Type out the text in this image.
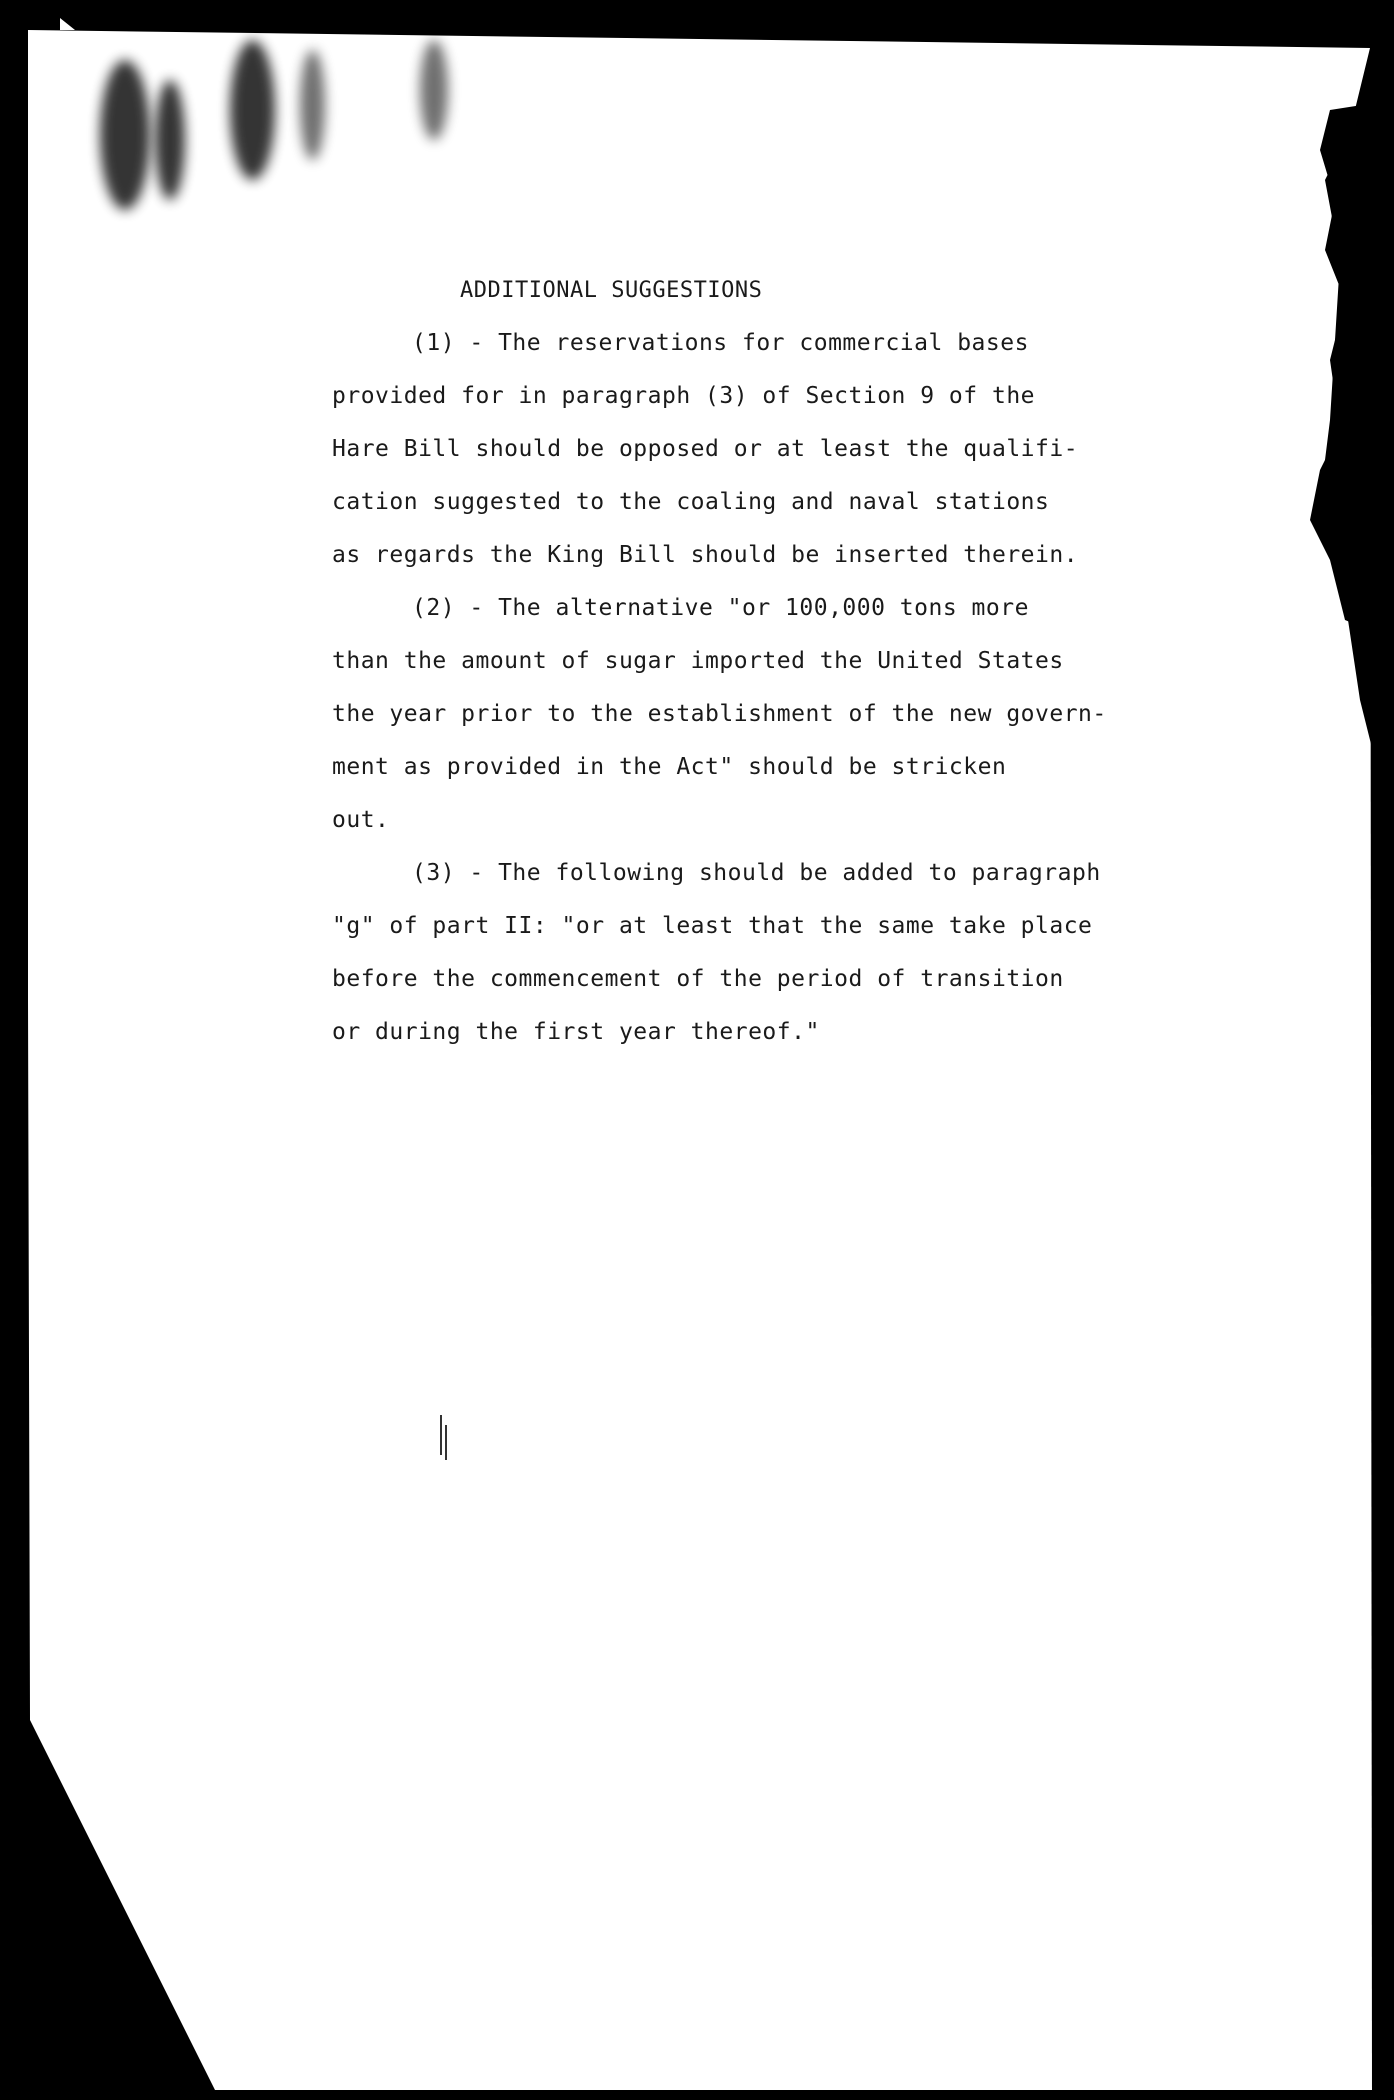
ADDITIONAL SUGGESTIONS
(1) - The reservations for commercial bases
provided for in paragraph (3) of Section 9 of the
Hare Bill should be opposed or at least the qualifi-
cation suggested to the coaling and naval stations
as regards the King Bill should be inserted therein.
(2) - The alternative "or 100,000 tons more
than the amount of sugar imported the United States
the year prior to the establishment of the new govern-
ment as provided in the Act" should be stricken
out.
(3) - The following should be added to paragraph
"g" of part II: "or at least that the same take place
before the commencement of the period of transition
or during the first year thereof."
